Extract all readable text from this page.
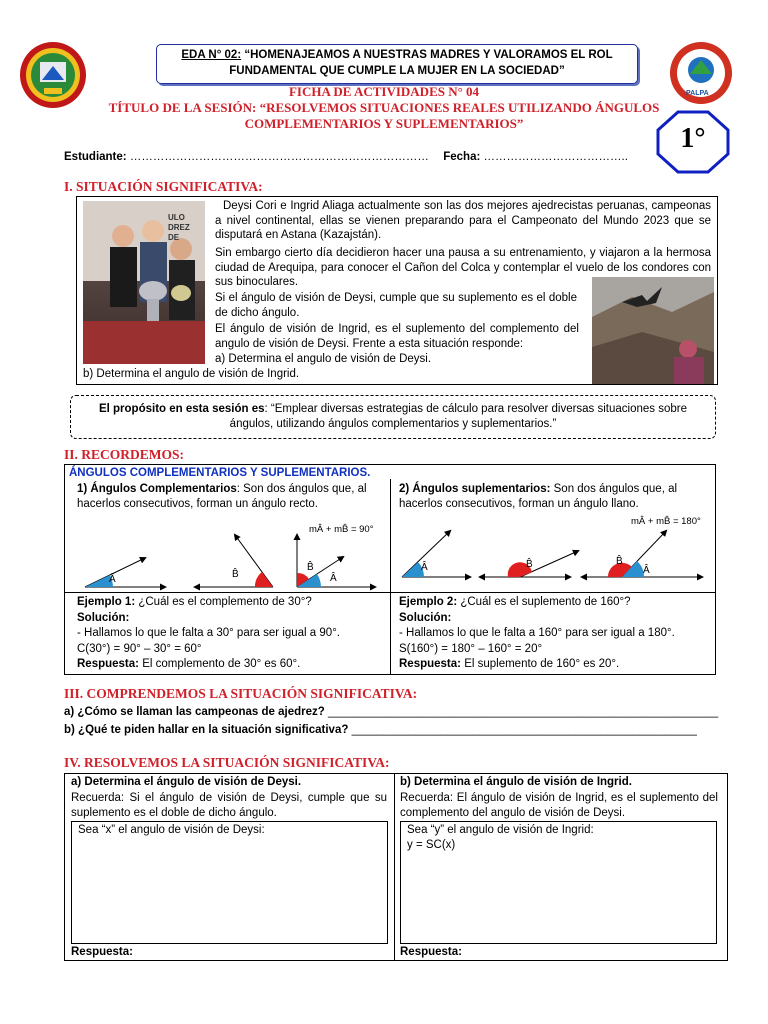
PALPA
EDA N° 02: “HOMENAJEAMOS A NUESTRAS MADRES Y VALORAMOS EL ROL
FUNDAMENTAL QUE CUMPLE LA MUJER EN LA SOCIEDAD”
FICHA DE ACTIVIDADES N° 04
TÍTULO DE LA SESIÓN: “RESOLVEMOS SITUACIONES REALES UTILIZANDO ÁNGULOS
COMPLEMENTARIOS Y SUPLEMENTARIOS”	1°
Estudiante: …………………………………………………………………… Fecha: ………………………………..
I. SITUACIÓN SIGNIFICATIVA:
ULO DREZ DE

Deysi Cori e Ingrid Aliaga actualmente son las dos mejores ajedrecistas peruanas, campeonas a nivel continental, ellas se vienen preparando para el Campeonato del Mundo 2023 que se disputará en Astana (Kazajstán).

Sin embargo cierto día decidieron hacer una pausa a su entrenamiento, y viajaron a la hermosa ciudad de Arequipa, para conocer el Cañon del Colca y contemplar el vuelo de los condores con sus binoculares.

Si el ángulo de visión de Deysi, cumple que su suplemento es el doble de dicho ángulo.

El ángulo de visión de Ingrid, es el suplemento del complemento del angulo de visión de Deysi. Frente a esta situación responde:

a) Determina el angulo de visión de Deysi.

b) Determina el angulo de visión de Ingrid.

El propósito en esta sesión es: “Emplear diversas estrategias de cálculo para resolver diversas situaciones sobre
ángulos, utilizando ángulos complementarios y suplementarios.”
II. RECORDEMOS:
ÁNGULOS COMPLEMENTARIOS Y SUPLEMENTARIOS.
1) Ángulos Complementarios: Son dos ángulos que, al
hacerlos consecutivos, forman un ángulo recto.
mÂ + mB̂ = 90°
Â	B̂
B̂
Â
2) Ángulos suplementarios: Son dos ángulos que, al
hacerlos consecutivos, forman un ángulo llano.
mÂ + mB̂ = 180°
Â	B̂	B̂
Â
Ejemplo 1: ¿Cuál es el complemento de 30°?
Solución:
- Hallamos lo que le falta a 30° para ser igual a 90°.
C(30°) = 90° – 30° = 60°
Respuesta: El complemento de 30° es 60°.
Ejemplo 2: ¿Cuál es el suplemento de 160°?
Solución:
- Hallamos lo que le falta a 160° para ser igual a 180°.
S(160°) = 180° – 160° = 20°
Respuesta: El suplemento de 160° es 20°.
III. COMPRENDEMOS LA SITUACIÓN SIGNIFICATIVA:
a) ¿Cómo se llaman las campeonas de ajedrez? _____________________________________________________________
b) ¿Qué te piden hallar en la situación significativa? ______________________________________________________
IV. RESOLVEMOS LA SITUACIÓN SIGNIFICATIVA:
a) Determina el ángulo de visión de Deysi.

Recuerda: Si el ángulo de visión de Deysi, cumple que su suplemento es el doble de dicho ángulo.

Sea “x” el angulo de visión de Deysi:
Respuesta:
b) Determina el ángulo de visión de Ingrid.

Recuerda: El ángulo de visión de Ingrid, es el suplemento del complemento del angulo de visión de Deysi.

Sea “y” el angulo de visión de Ingrid:
y = SC(x)
Respuesta:
